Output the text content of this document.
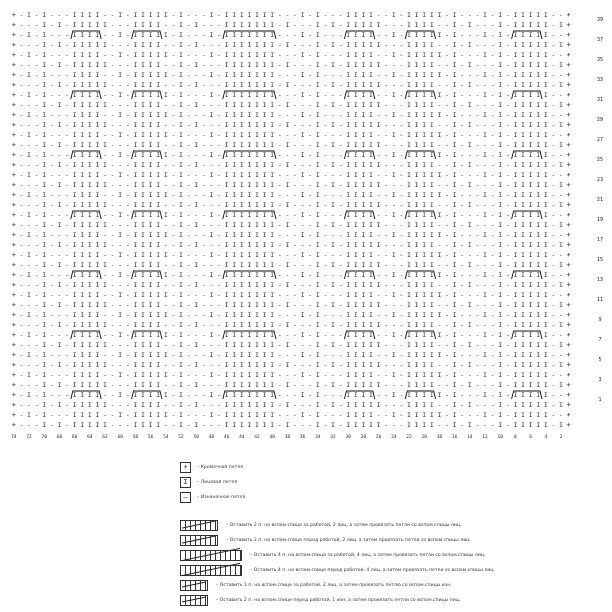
+ - I - I - - - I I I I - - I - I I I I I - I - - - I - I I I I I I I - - - I - I - - - I I I I - - I - I I I I I - I - - - I - I - I I I I I - - +
+ - - - I - I - I I I I I - - - I I I I - - I - I - - - I I I I I I I - I - - - I - I - I I I I I - - - I I I I - - I - I - - - I - I I I I I - I +
+ - I - I - - - I I I I - - I - I I I I I - I - - - I - I I I I I I I - - - I - I - - - I I I I - - I - I I I I I - I - - - I - I - I I I I I - - +
+ - - - I - I - I I I I I - - - I I I I - - I - I - - - I I I I I I I - I - - - I - I - I I I I I - - - I I I I - - I - I - - - I - I I I I I - I +
+ - I - I - - - I I I I - - I - I I I I I - I - - - I - I I I I I I I - - - I - I - - - I I I I - - I - I I I I I - I - - - I - I - I I I I I - - +
+ - - - I - I - I I I I I - - - I I I I - - I - I - - - I I I I I I I - I - - - I - I - I I I I I - - - I I I I - - I - I - - - I - I I I I I - I +
+ - I - I - - - I I I I - - I - I I I I I - I - - - I - I I I I I I I - - - I - I - - - I I I I - - I - I I I I I - I - - - I - I - I I I I I - - +
+ - - - I - I - I I I I I - - - I I I I - - I - I - - - I I I I I I I - I - - - I - I - I I I I I - - - I I I I - - I - I - - - I - I I I I I - I +
+ - I - I - - - I I I I - - I - I I I I I - I - - - I - I I I I I I I - - - I - I - - - I I I I - - I - I I I I I - I - - - I - I - I I I I I - - +
+ - - - I - I - I I I I I - - - I I I I - - I - I - - - I I I I I I I - I - - - I - I - I I I I I - - - I I I I - - I - I - - - I - I I I I I - I +
+ - I - I - - - I I I I - - I - I I I I I - I - - - I - I I I I I I I - - - I - I - - - I I I I - - I - I I I I I - I - - - I - I - I I I I I - - +
+ - - - I - I - I I I I I - - - I I I I - - I - I - - - I I I I I I I - I - - - I - I - I I I I I - - - I I I I - - I - I - - - I - I I I I I - I +
+ - I - I - - - I I I I - - I - I I I I I - I - - - I - I I I I I I I - - - I - I - - - I I I I - - I - I I I I I - I - - - I - I - I I I I I - - +
+ - - - I - I - I I I I I - - - I I I I - - I - I - - - I I I I I I I - I - - - I - I - I I I I I - - - I I I I - - I - I - - - I - I I I I I - I +
+ - I - I - - - I I I I - - I - I I I I I - I - - - I - I I I I I I I - - - I - I - - - I I I I - - I - I I I I I - I - - - I - I - I I I I I - - +
+ - - - I - I - I I I I I - - - I I I I - - I - I - - - I I I I I I I - I - - - I - I - I I I I I - - - I I I I - - I - I - - - I - I I I I I - I +
+ - I - I - - - I I I I - - I - I I I I I - I - - - I - I I I I I I I - - - I - I - - - I I I I - - I - I I I I I - I - - - I - I - I I I I I - - +
+ - - - I - I - I I I I I - - - I I I I - - I - I - - - I I I I I I I - I - - - I - I - I I I I I - - - I I I I - - I - I - - - I - I I I I I - I +
+ - I - I - - - I I I I - - I - I I I I I - I - - - I - I I I I I I I - - - I - I - - - I I I I - - I - I I I I I - I - - - I - I - I I I I I - - +
+ - - - I - I - I I I I I - - - I I I I - - I - I - - - I I I I I I I - I - - - I - I - I I I I I - - - I I I I - - I - I - - - I - I I I I I - I +
+ - I - I - - - I I I I - - I - I I I I I - I - - - I - I I I I I I I - - - I - I - - - I I I I - - I - I I I I I - I - - - I - I - I I I I I - - +
+ - - - I - I - I I I I I - - - I I I I - - I - I - - - I I I I I I I - I - - - I - I - I I I I I - - - I I I I - - I - I - - - I - I I I I I - I +
+ - I - I - - - I I I I - - I - I I I I I - I - - - I - I I I I I I I - - - I - I - - - I I I I - - I - I I I I I - I - - - I - I - I I I I I - - +
+ - - - I - I - I I I I I - - - I I I I - - I - I - - - I I I I I I I - I - - - I - I - I I I I I - - - I I I I - - I - I - - - I - I I I I I - I +
+ - I - I - - - I I I I - - I - I I I I I - I - - - I - I I I I I I I - - - I - I - - - I I I I - - I - I I I I I - I - - - I - I - I I I I I - - +
+ - - - I - I - I I I I I - - - I I I I - - I - I - - - I I I I I I I - I - - - I - I - I I I I I - - - I I I I - - I - I - - - I - I I I I I - I +
+ - I - I - - - I I I I - - I - I I I I I - I - - - I - I I I I I I I - - - I - I - - - I I I I - - I - I I I I I - I - - - I - I - I I I I I - - +
+ - - - I - I - I I I I I - - - I I I I - - I - I - - - I I I I I I I - I - - - I - I - I I I I I - - - I I I I - - I - I - - - I - I I I I I - I +
+ - I - I - - - I I I I - - I - I I I I I - I - - - I - I I I I I I I - - - I - I - - - I I I I - - I - I I I I I - I - - - I - I - I I I I I - - +
+ - - - I - I - I I I I I - - - I I I I - - I - I - - - I I I I I I I - I - - - I - I - I I I I I - - - I I I I - - I - I - - - I - I I I I I - I +
+ - I - I - - - I I I I - - I - I I I I I - I - - - I - I I I I I I I - - - I - I - - - I I I I - - I - I I I I I - I - - - I - I - I I I I I - - +
+ - - - I - I - I I I I I - - - I I I I - - I - I - - - I I I I I I I - I - - - I - I - I I I I I - - - I I I I - - I - I - - - I - I I I I I - I +
+ - I - I - - - I I I I - - I - I I I I I - I - - - I - I I I I I I I - - - I - I - - - I I I I - - I - I I I I I - I - - - I - I - I I I I I - - +
+ - - - I - I - I I I I I - - - I I I I - - I - I - - - I I I I I I I - I - - - I - I - I I I I I - - - I I I I - - I - I - - - I - I I I I I - I +
+ - I - I - - - I I I I - - I - I I I I I - I - - - I - I I I I I I I - - - I - I - - - I I I I - - I - I I I I I - I - - - I - I - I I I I I - - +
+ - - - I - I - I I I I I - - - I I I I - - I - I - - - I I I I I I I - I - - - I - I - I I I I I - - - I I I I - - I - I - - - I - I I I I I - I +
+ - I - I - - - I I I I - - I - I I I I I - I - - - I - I I I I I I I - - - I - I - - - I I I I - - I - I I I I I - I - - - I - I - I I I I I - - +
+ - - - I - I - I I I I I - - - I I I I - - I - I - - - I I I I I I I - I - - - I - I - I I I I I - - - I I I I - - I - I - - - I - I I I I I - I +
+ - I - I - - - I I I I - - I - I I I I I - I - - - I - I I I I I I I - - - I - I - - - I I I I - - I - I I I I I - I - - - I - I - I I I I I - - +
+ - - - I - I - I I I I I - - - I I I I - - I - I - - - I I I I I I I - I - - - I - I - I I I I I - - - I I I I - - I - I - - - I - I I I I I - I +
+ - I - I - - - I I I I - - I - I I I I I - I - - - I - I I I I I I I - - - I - I - - - I I I I - - I - I I I I I - I - - - I - I - I I I I I - - +
+ - - - I - I - I I I I I - - - I I I I - - I - I - - - I I I I I I I - I - - - I - I - I I I I I - - - I I I I - - I - I - - - I - I I I I I - I +
39
37
35
33
31
29
27
25
23
21
19
17
15
13
11
9
7
5
3
1
74 72 70 68 66 64 62 60 58 56 54 52 50 48 46 44 42 40 38 36 34 32 30 28 26 24 22 20 18 16 14 12 10 8	6	4	2
+ – Кромочная петля
I – Лицевая петля
– – Изнаночная петля
– Оставить 2 п. на вспом.спице за работой, 2 лиц, а затем провязать петли со вспом.спицы лиц.
– Оставить 2 п. на вспом.спице перед работой, 2 лиц, а затем провязать петли со вспом.спицы лиц.
– Оставить 4 п. на вспом.спице за работой, 4 лиц, а затем провязать петли со вспом.спицы лиц.
– Оставить 4 п. на вспом.спице перед работой, 4 лиц, а затем провязать петли со вспом.спицы лиц.
– Оставить 1 п. на вспом.спице за работой, 2 лиц, а затем провязать петлю со вспом.спицы изн.
– Оставить 2 п. на вспом.спице перед работой, 1 изн, а затем провязать петли со вспом.спицы лиц.
